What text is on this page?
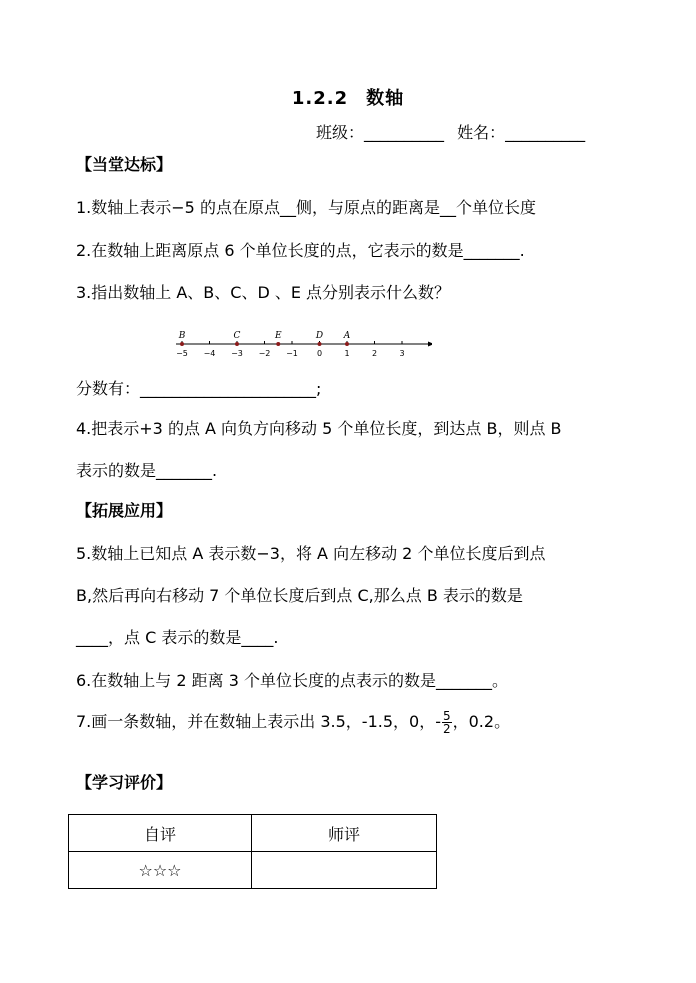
1.2.2 数轴
班级：__________ 姓名：__________
【当堂达标】
1.数轴上表示−5 的点在原点__侧，与原点的距离是__个单位长度
2.在数轴上距离原点 6 个单位长度的点，它表示的数是_______.
3.指出数轴上 A、B、C、D 、E 点分别表示什么数？
−5 −4 −3 −2 −1 0	1	2	3
B	C	E	D A
分数有：______________________;
4.把表示+3 的点 A 向负方向移动 5 个单位长度，到达点 B，则点 B
表示的数是_______.
【拓展应用】
5.数轴上已知点 A 表示数−3，将 A 向左移动 2 个单位长度后到点
B,然后再向右移动 7 个单位长度后到点 C,那么点 B 表示的数是
____，点 C 表示的数是____.
6.在数轴上与 2 距离 3 个单位长度的点表示的数是_______。
7.画一条数轴，并在数轴上表示出 3.5，-1.5，0，- $\frac{5}{2}$ ，0.2。
【学习评价】
自评	师评
☆☆☆	
